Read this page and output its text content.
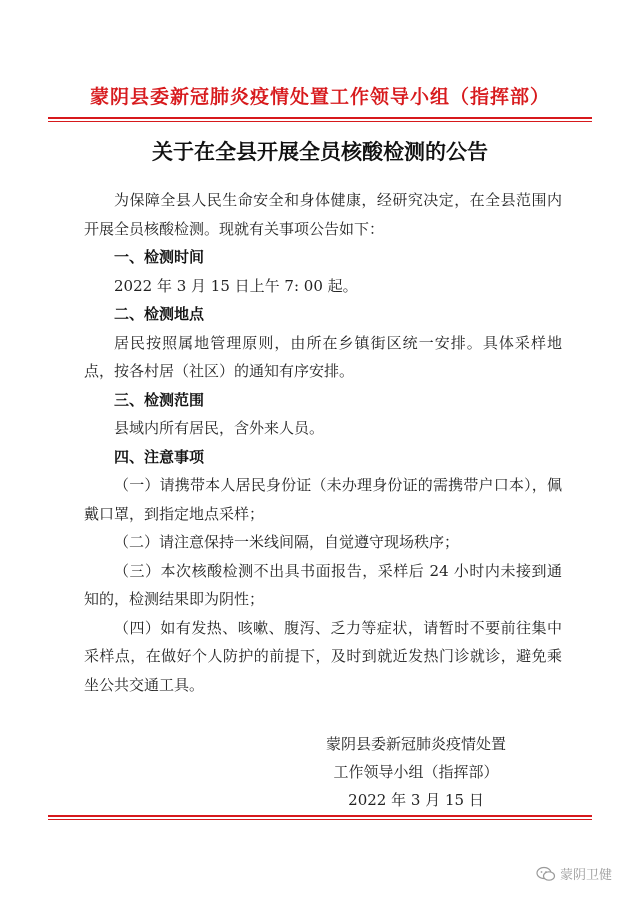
蒙阴县委新冠肺炎疫情处置工作领导小组（指挥部）
关于在全县开展全员核酸检测的公告

为保障全县人民生命安全和身体健康，经研究决定，在全县范围内开展全员核酸检测。现就有关事项公告如下：

一、检测时间

2022 年 3 月 15 日上午 7: 00 起。

二、检测地点

居民按照属地管理原则，由所在乡镇街区统一安排。具体采样地点，按各村居（社区）的通知有序安排。

三、检测范围

县域内所有居民，含外来人员。

四、注意事项

（一）请携带本人居民身份证（未办理身份证的需携带户口本），佩戴口罩，到指定地点采样；

（二）请注意保持一米线间隔，自觉遵守现场秩序；

（三）本次核酸检测不出具书面报告，采样后 24 小时内未接到通知的，检测结果即为阴性；

（四）如有发热、咳嗽、腹泻、乏力等症状，请暂时不要前往集中采样点，在做好个人防护的前提下，及时到就近发热门诊就诊，避免乘坐公共交通工具。

蒙阴县委新冠肺炎疫情处置
工作领导小组（指挥部）
2022 年 3 月 15 日
蒙阴卫健
